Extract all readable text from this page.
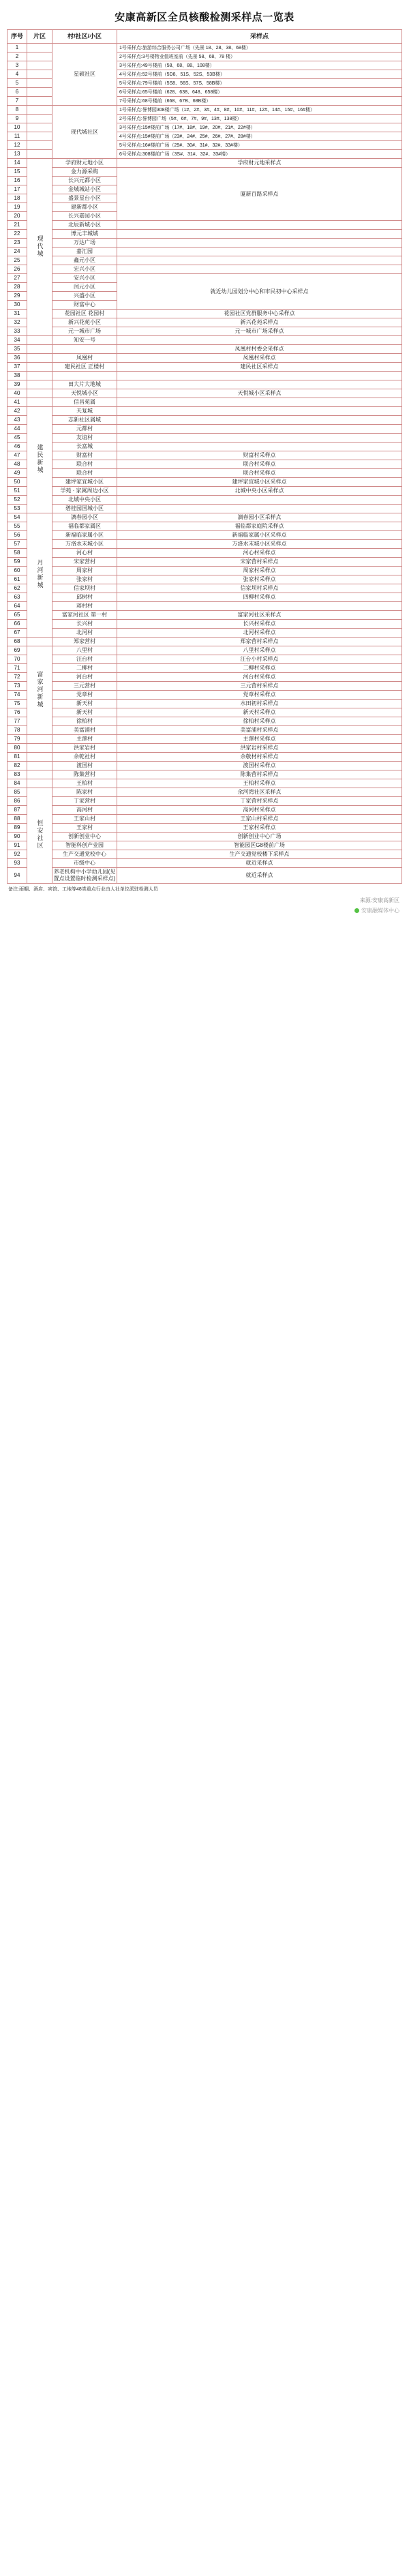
安康高新区全员核酸检测采样点一览表
序号	片区	村/社区/小区	采样点
1		星硕社区	1号采样点:旅游综合服务公司广场（先景 18、28、38、68楼）
2			2号采样点:3号楼物业值班室前（先景 58、68、78 楼）
3			3号采样点:49号楼前（58、68、88、108楼）
4			4号采样点:52号楼前（5D8、51S、52S、53B楼）
5			5号采样点:79号楼前（5S8、56S、57S、58B楼）
6			6号采样点:65号楼前（628、638、648、658楼）
7			7号采样点:68号楼前（668、67B、68B楼）
8		现代城社区	1号采样点:誉博园308楼广场（1#、2#、3#、4#、8#、10#、11#、12#、14#、15#、16#楼）
9			2号采样点:誉博园广场（5#、6#、7#、9#、13#、138楼）
10			3号采样点:15#楼前广场（17#、18#、19#、20#、21#、22#楼）
11			4号采样点:15#楼前广场（23#、24#、25#、26#、27#、28#楼）
12			5号采样点:16#楼前广场（29#、30#、31#、32#、33#楼）
13			6号采样点:308楼前广场（3S#、31#、32#、33#楼）
14	现代城	学府财元地小区	学府财元地采样点
15		金力源采购	厦新百路采样点
16		长兴元都小区	
17		金城城站小区	
18		盛景星台小区	
19		建新都小区	
20		长兴嘉园小区	
21		北辰新城小区	
22		博元丰城城	
23		万达广场	
24		嘉汇园	
25		鑫元小区	
26		宏兴小区	
27		安兴小区	就近幼儿园划分中心和市民初中心采样点
28		闰元小区	
29		兴盛小区	
30		财富中心	
31		花园社区 花园村	花园社区党群服务中心采样点
32		新兴花苑小区	新兴花苑采样点
33		元一城市广场	元一城市广场采样点
34		知安一号	
35			凤凰村村委会采样点
36		凤凰村	凤凰村采样点
37		建民社区 正楼村	建民社区采样点
38			
39		田大片大地城	
40		天悦城小区	天悦城小区采样点
41		信昌苑属	
42	建民新城	天复城	
43		志新社区属城	
44		元都村	
45		友谊村	
46		长富城	
47		财富村	财富村采样点
48		联合村	联合村采样点
49		联合村	联合村采样点
50		建坪家宜城小区	建坪家宜城小区采样点
51		学苑 · 家属周边小区	北城中央小区采样点
52		北城中央小区	
53		碧桂园国城小区	
54	月河新城	漓春园小区	漓春园小区采样点
55		福临都家属区	福临都家庭院采样点
56		新福临家属小区	新福临家属小区采样点
57		万洛水末城小区	万洛水末城小区采样点
58		河心村	河心村采样点
59		宋家营村	宋家营村采样点
60		周家村	周家村采样点
61		张家村	张家村采样点
62		信家坝村	信家坝村采样点
63		邱树村	四柳村采样点
64		蒋村村	
65		富家河社区 第一村	富家河社区采样点
66		长兴村	长兴村采样点
67		北河村	北河村采样点
68		郑家营村	郑家营村采样点
69	富家河新城	八里村	八里村采样点
70		汪台村	汪台小村采样点
71		二柳村	二柳村采样点
72		河台村	河台村采样点
73		三元营村	三元营村采样点
74		党章村	党章村采样点
75		新天村	水田初村采样点
76		新天村	新天村采样点
77		徐柏村	徐柏村采样点
78		美富浦村	美富浦村采样点
79		主澤村	主澤村采样点
80		洪家岩村	洪家岩村采样点
81		余乾社村	余敬材村采样点
82		渡国村	渡国村采样点
83		陈集营村	陈集营村采样点
84		王柏村	王柏村采样点
85	恒安社区	陈家村	余河湾社区采样点
86		丁家营村	丁家营村采样点
87		高河村	高河村采样点
88		王家山村	王家山村采样点
89		王家村	王家村采样点
90		创新创业中心	创新创业中心广场
91		智能科创产业园	智能园区G8楼前广场
92		生产交通党校中心	生产交通党校楼下采样点
93		市级中心	就近采样点
94		养老机构中小学幼儿园(见置点设置临时检测采样点)	就近采样点
备注:雨棚、酒店、宾馆、工地等48类重点行业由人社单位派驻检测人员
来源:安康高新区
安康融媒体中心
